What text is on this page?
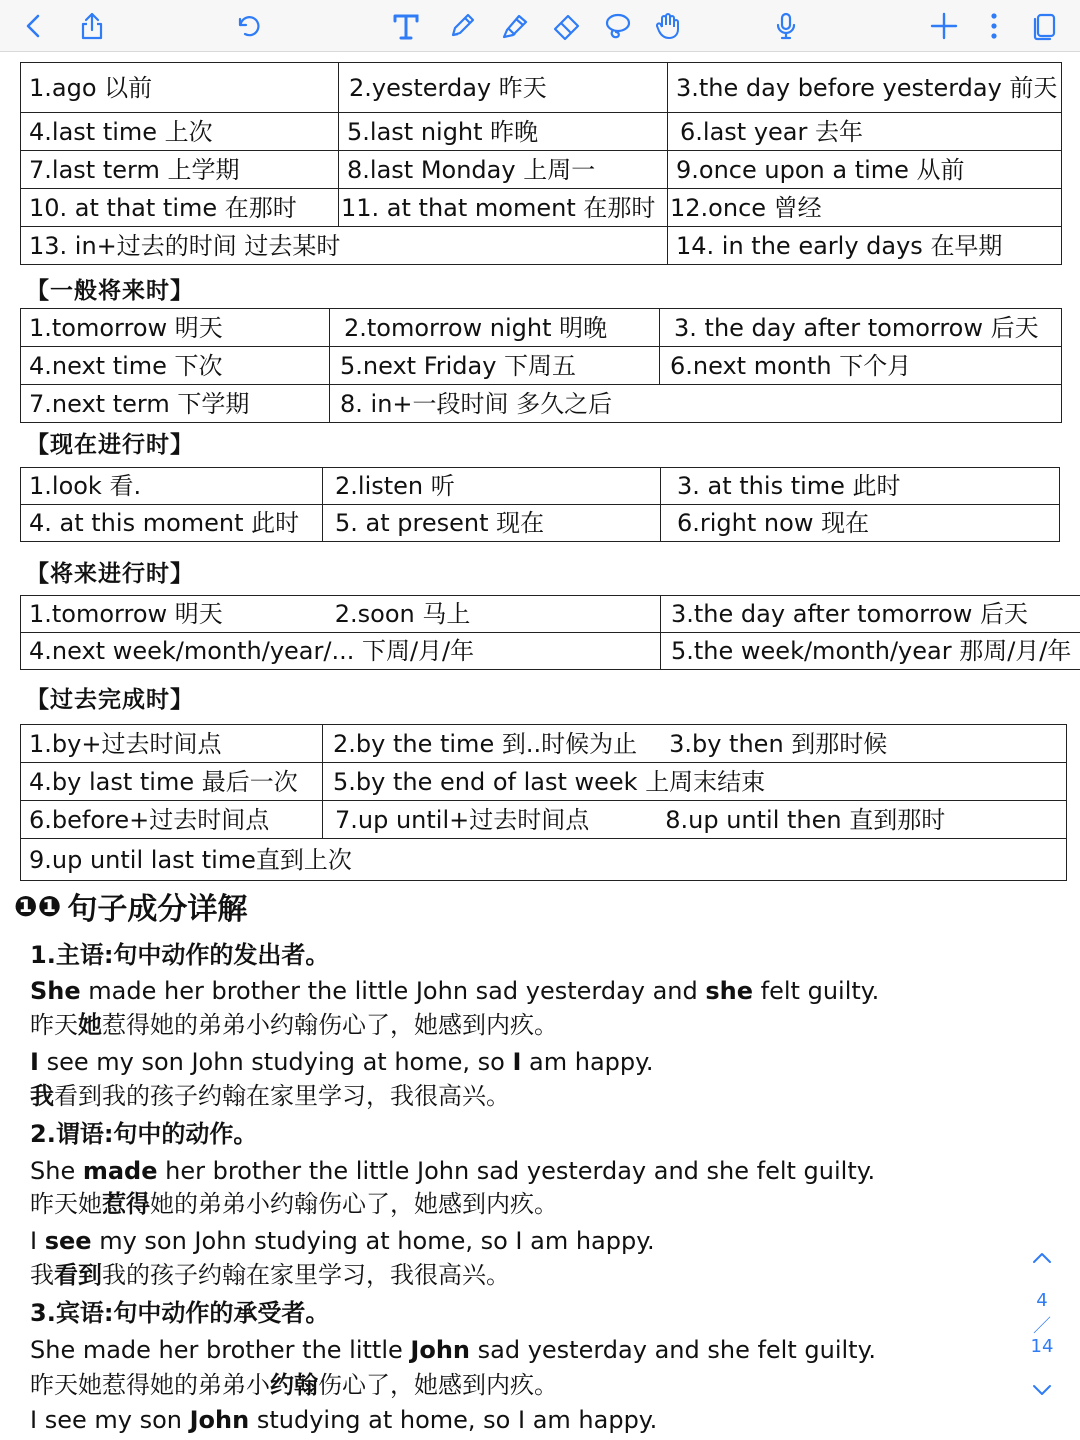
1.ago 以前	2.yesterday 昨天	3.the day before yesterday 前天
4.last time 上次	5.last night 昨晚	6.last year 去年
7.last term 上学期	8.last Monday 上周一	9.once upon a time 从前
10. at that time 在那时	11. at that moment 在那时	12.once 曾经
13. in+过去的时间 过去某时		14. in the early days 在早期
【一般将来时】
1.tomorrow 明天	2.tomorrow night 明晚	3. the day after tomorrow 后天
4.next time 下次	5.next Friday 下周五	6.next month 下个月
7.next term 下学期	8. in+一段时间 多久之后	
【现在进行时】
1.look 看.	2.listen 听	3. at this time 此时
4. at this moment 此时	5. at present 现在	6.right now 现在
【将来进行时】
1.tomorrow 明天 2.soon 马上	3.the day after tomorrow 后天
4.next week/month/year/... 下周/月/年	5.the week/month/year 那周/月/年
【过去完成时】
1.by+过去时间点	2.by the time 到..时候为止 3.by then 到那时候
4.by last time 最后一次	5.by the end of last week 上周末结束
6.before+过去时间点	7.up until+过去时间点 8.up until then 直到那时
9.up until last time直到上次	
❶❶ 句子成分详解
1.主语:句中动作的发出者。
She made her brother the little John sad yesterday and she felt guilty.
昨天她惹得她的弟弟小约翰伤心了，她感到内疚。
I see my son John studying at home, so I am happy.
我看到我的孩子约翰在家里学习，我很高兴。
2.谓语:句中的动作。
She made her brother the little John sad yesterday and she felt guilty.
昨天她惹得她的弟弟小约翰伤心了，她感到内疚。
I see my son John studying at home, so I am happy.
我看到我的孩子约翰在家里学习，我很高兴。
3.宾语:句中动作的承受者。
She made her brother the little John sad yesterday and she felt guilty.
昨天她惹得她的弟弟小约翰伤心了，她感到内疚。
I see my son John studying at home, so I am happy.
4
／
14
